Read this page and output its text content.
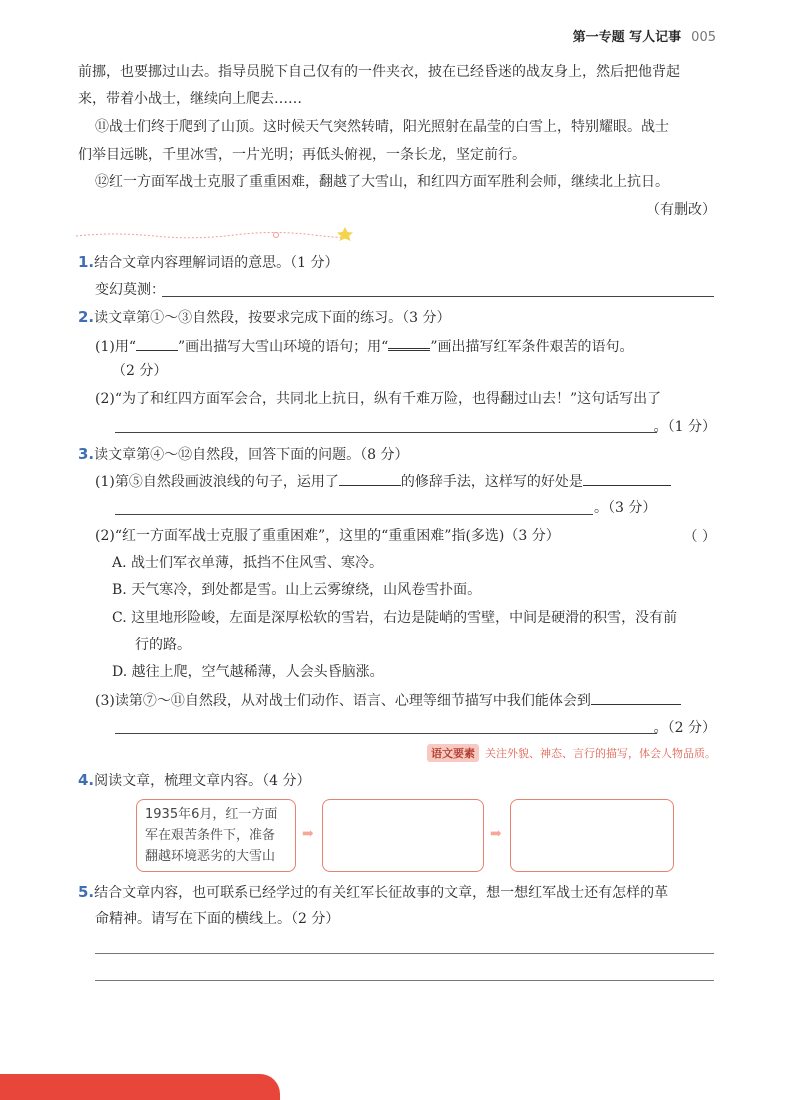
第一专题 写人记事 005
前挪，也要挪过山去。指导员脱下自己仅有的一件夹衣，披在已经昏迷的战友身上，然后把他背起
来，带着小战士，继续向上爬去……
⑪战士们终于爬到了山顶。这时候天气突然转晴，阳光照射在晶莹的白雪上，特别耀眼。战士
们举目远眺，千里冰雪，一片光明；再低头俯视，一条长龙，坚定前行。
⑫红一方面军战士克服了重重困难，翻越了大雪山，和红四方面军胜利会师，继续北上抗日。
（有删改）
1.结合文章内容理解词语的意思。（1 分）
变幻莫测：
2.读文章第①～③自然段，按要求完成下面的练习。（3 分）
(1)用“	”画出描写大雪山环境的语句；用“	”画出描写红军条件艰苦的语句。
（2 分）
(2)“为了和红四方面军会合，共同北上抗日，纵有千难万险，也得翻过山去！”这句话写出了
。（1 分）
3.读文章第④～⑫自然段，回答下面的问题。（8 分）
(1)第⑤自然段画波浪线的句子，运用了	的修辞手法，这样写的好处是
。（3 分）
(2)“红一方面军战士克服了重重困难”，这里的“重重困难”指(多选)（3 分）	（ ）
A. 战士们军衣单薄，抵挡不住风雪、寒冷。
B. 天气寒冷，到处都是雪。山上云雾缭绕，山风卷雪扑面。
C. 这里地形险峻，左面是深厚松软的雪岩，右边是陡峭的雪壁，中间是硬滑的积雪，没有前
行的路。
D. 越往上爬，空气越稀薄，人会头昏脑涨。
(3)读第⑦～⑪自然段，从对战士们动作、语言、心理等细节描写中我们能体会到
。（2 分）
语文要素 关注外貌、神态、言行的描写，体会人物品质。
4.阅读文章，梳理文章内容。（4 分）
1935年6月，红一方面
军在艰苦条件下，准备
翻越环境恶劣的大雪山
➡	➡
5.结合文章内容，也可联系已经学过的有关红军长征故事的文章，想一想红军战士还有怎样的革
命精神。请写在下面的横线上。（2 分）
